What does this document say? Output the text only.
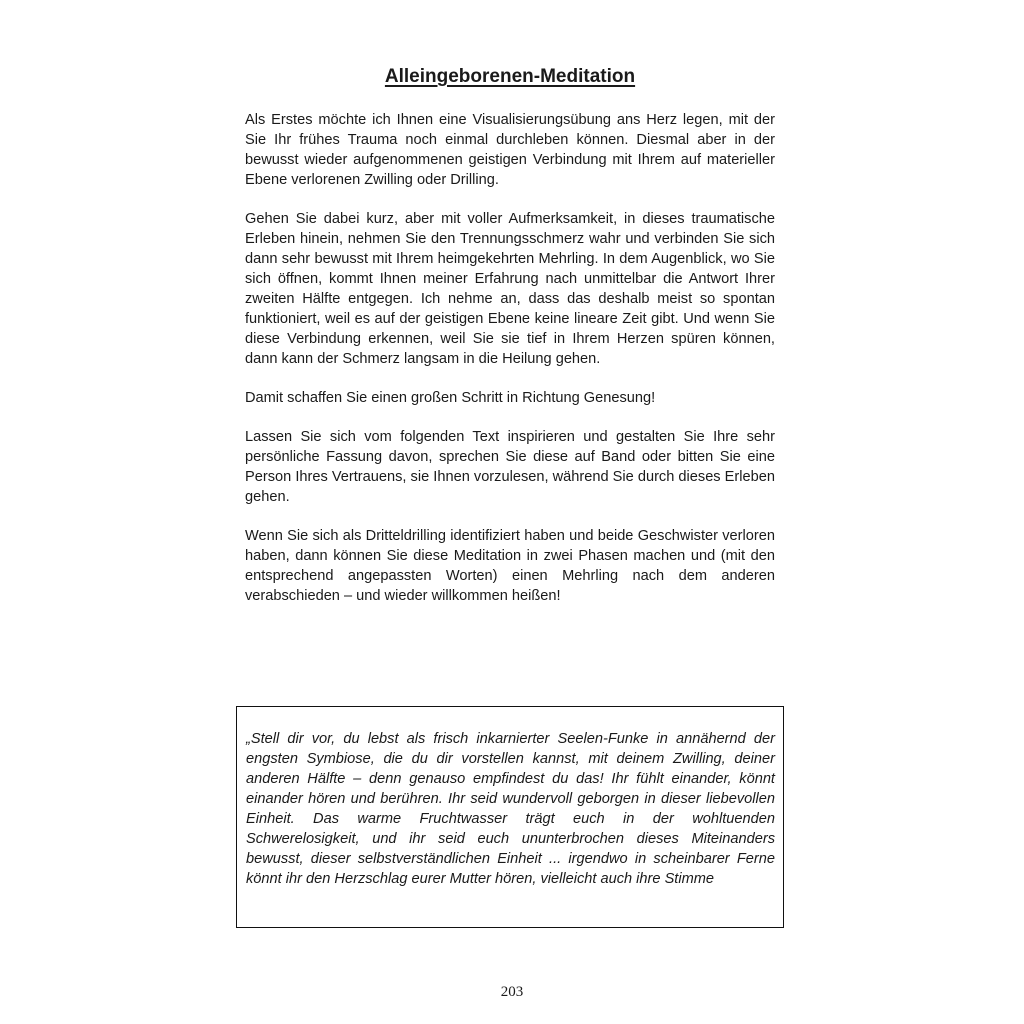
Alleingeborenen-Meditation

Als Erstes möchte ich Ihnen eine Visualisierungsübung ans Herz legen, mit der Sie Ihr frühes Trauma noch einmal durchleben können. Diesmal aber in der bewusst wieder aufgenommenen geistigen Verbindung mit Ihrem auf materieller Ebene verlorenen Zwilling oder Drilling.

Gehen Sie dabei kurz, aber mit voller Aufmerksamkeit, in dieses traumatische Erleben hinein, nehmen Sie den Trennungsschmerz wahr und verbinden Sie sich dann sehr bewusst mit Ihrem heimgekehrten Mehrling. In dem Augenblick, wo Sie sich öffnen, kommt Ihnen meiner Erfahrung nach unmittelbar die Antwort Ihrer zweiten Hälfte entgegen. Ich nehme an, dass das deshalb meist so spontan funktioniert, weil es auf der geistigen Ebene keine lineare Zeit gibt. Und wenn Sie diese Verbindung erkennen, weil Sie sie tief in Ihrem Herzen spüren können, dann kann der Schmerz langsam in die Heilung gehen.

Damit schaffen Sie einen großen Schritt in Richtung Genesung!

Lassen Sie sich vom folgenden Text inspirieren und gestalten Sie Ihre sehr persönliche Fassung davon, sprechen Sie diese auf Band oder bitten Sie eine Person Ihres Vertrauens, sie Ihnen vorzulesen, während Sie durch dieses Erleben gehen.

Wenn Sie sich als Dritteldrilling identifiziert haben und beide Geschwister verloren haben, dann können Sie diese Meditation in zwei Phasen machen und (mit den entsprechend angepassten Worten) einen Mehrling nach dem anderen verabschieden – und wieder willkommen heißen!

„Stell dir vor, du lebst als frisch inkarnierter Seelen-Funke in annähernd der engsten Symbiose, die du dir vorstellen kannst, mit deinem Zwilling, deiner anderen Hälfte – denn genauso empfindest du das! Ihr fühlt einander, könnt einander hören und berühren. Ihr seid wundervoll geborgen in dieser liebevollen Einheit. Das warme Fruchtwasser trägt euch in der wohltuenden Schwerelosigkeit, und ihr seid euch ununterbrochen dieses Miteinanders bewusst, dieser selbstverständlichen Einheit ... irgendwo in scheinbarer Ferne könnt ihr den Herzschlag eurer Mutter hören, vielleicht auch ihre Stimme

203
